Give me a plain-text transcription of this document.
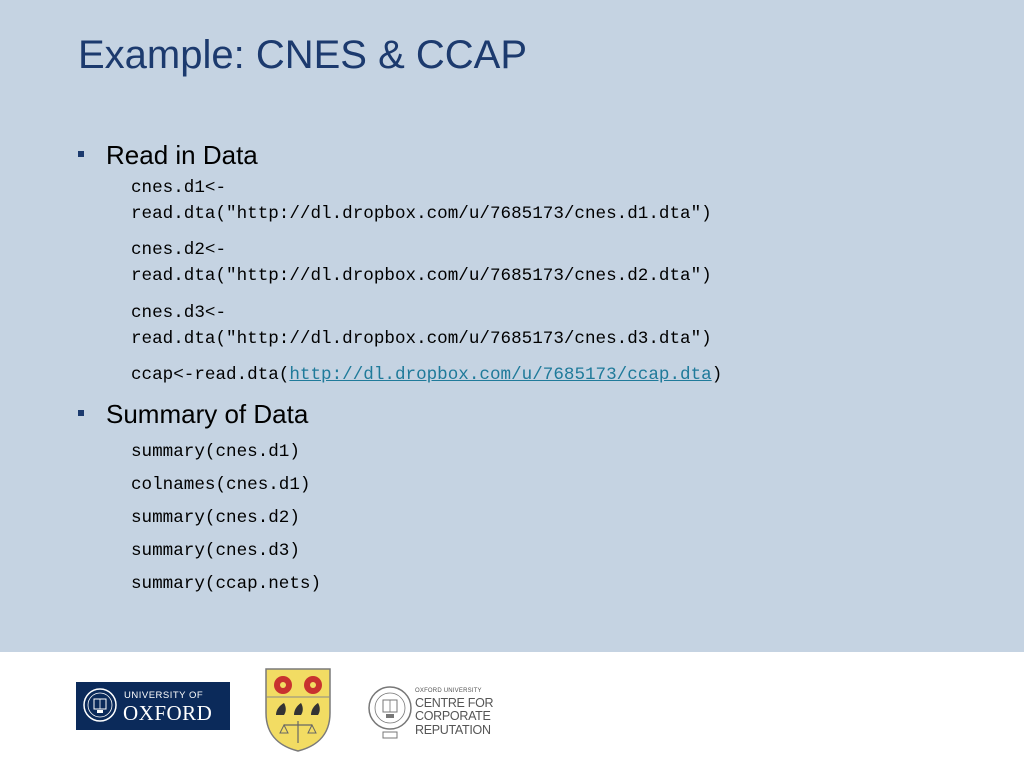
Example: CNES & CCAP
Read in Data
cnes.d1<-
read.dta("http://dl.dropbox.com/u/7685173/cnes.d1.dta")
cnes.d2<-
read.dta("http://dl.dropbox.com/u/7685173/cnes.d2.dta")
cnes.d3<-
read.dta("http://dl.dropbox.com/u/7685173/cnes.d3.dta")
ccap<-read.dta(http://dl.dropbox.com/u/7685173/ccap.dta)
Summary of Data
summary(cnes.d1)
colnames(cnes.d1)
summary(cnes.d2)
summary(cnes.d3)
summary(ccap.nets)
UNIVERSITY OF
OXFORD
OXFORD UNIVERSITY
CENTRE FOR
CORPORATE REPUTATION
